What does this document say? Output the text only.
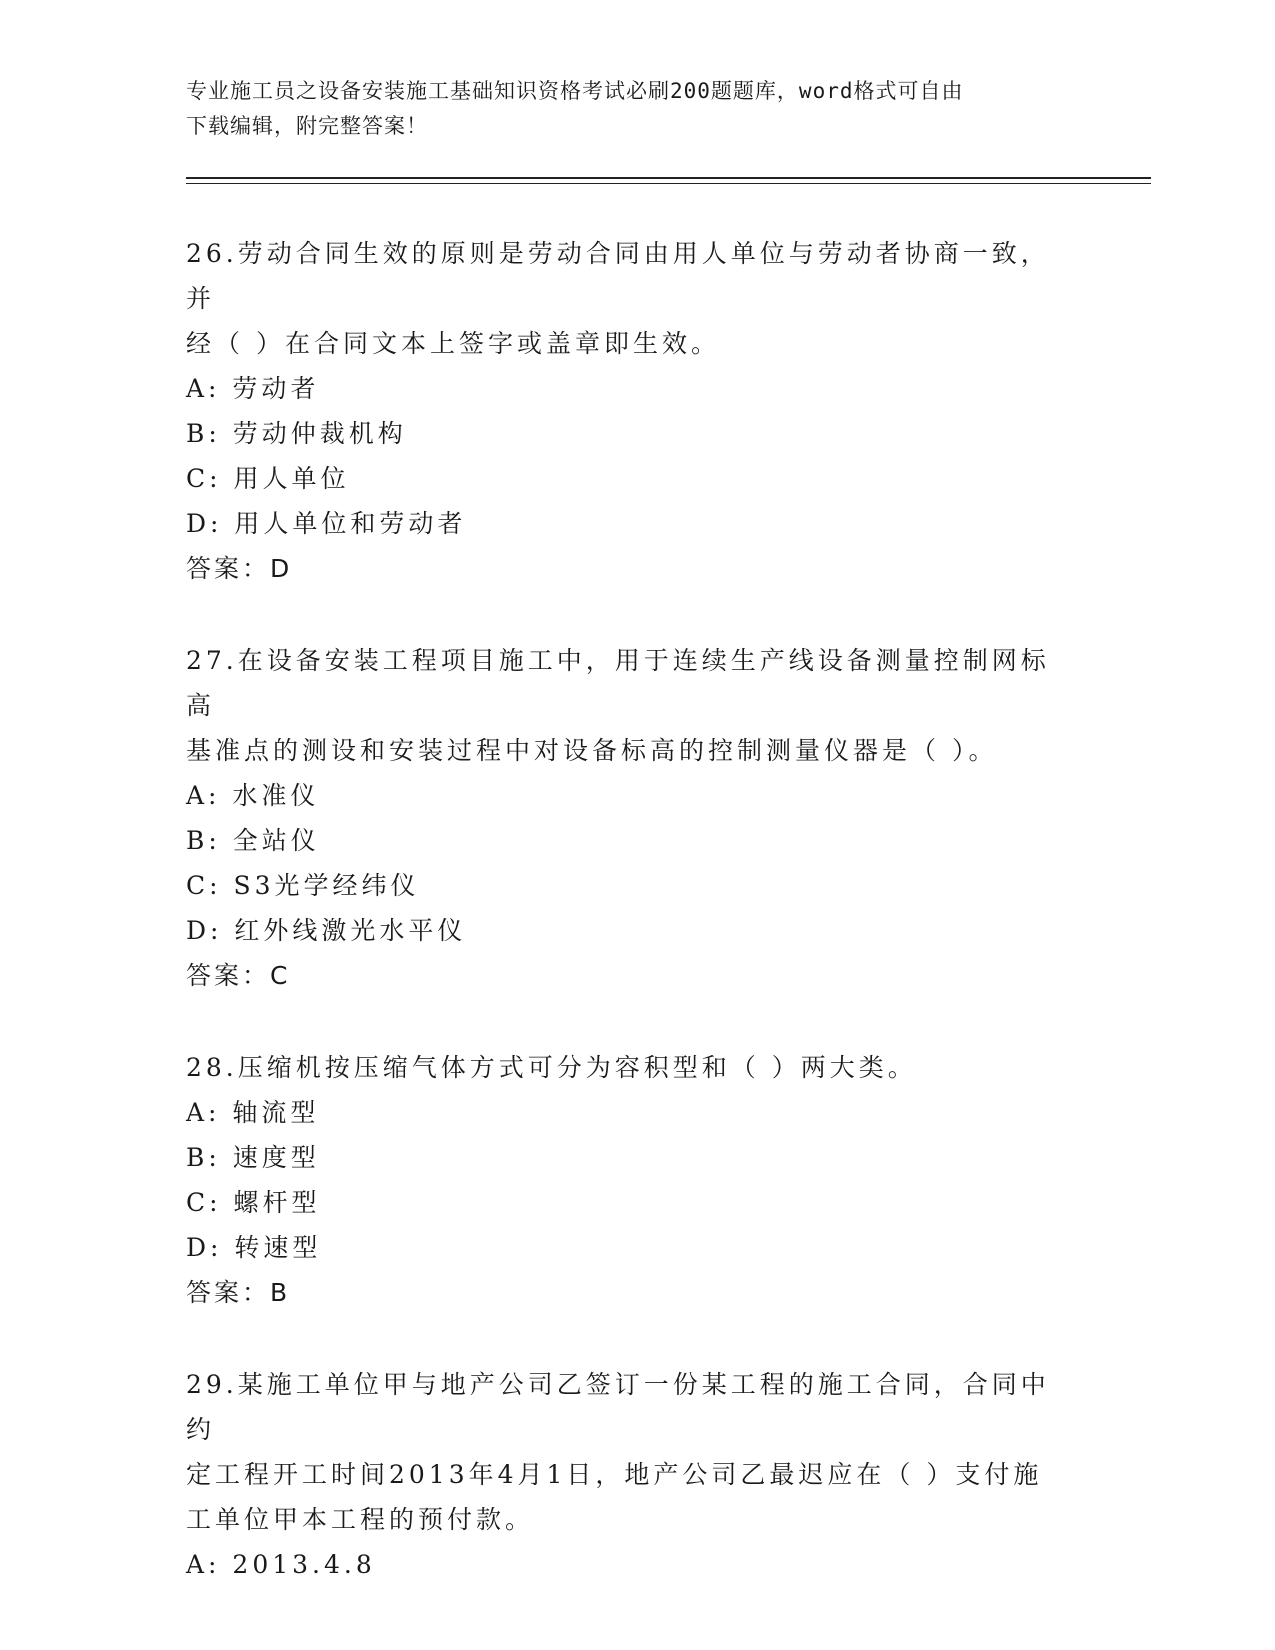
专业施工员之设备安装施工基础知识资格考试必刷200题题库，word格式可自由
下载编辑，附完整答案！
26.劳动合同生效的原则是劳动合同由用人单位与劳动者协商一致，并
经（ ）在合同文本上签字或盖章即生效。
A: 劳动者
B: 劳动仲裁机构
C: 用人单位
D: 用人单位和劳动者
答案：D
27.在设备安装工程项目施工中，用于连续生产线设备测量控制网标高
基准点的测设和安装过程中对设备标高的控制测量仪器是（ ）。
A: 水准仪
B: 全站仪
C: S3光学经纬仪
D: 红外线激光水平仪
答案：C
28.压缩机按压缩气体方式可分为容积型和（ ）两大类。
A: 轴流型
B: 速度型
C: 螺杆型
D: 转速型
答案：B
29.某施工单位甲与地产公司乙签订一份某工程的施工合同，合同中约
定工程开工时间2013年4月1日，地产公司乙最迟应在（ ）支付施
工单位甲本工程的预付款。
A: 2013.4.8
